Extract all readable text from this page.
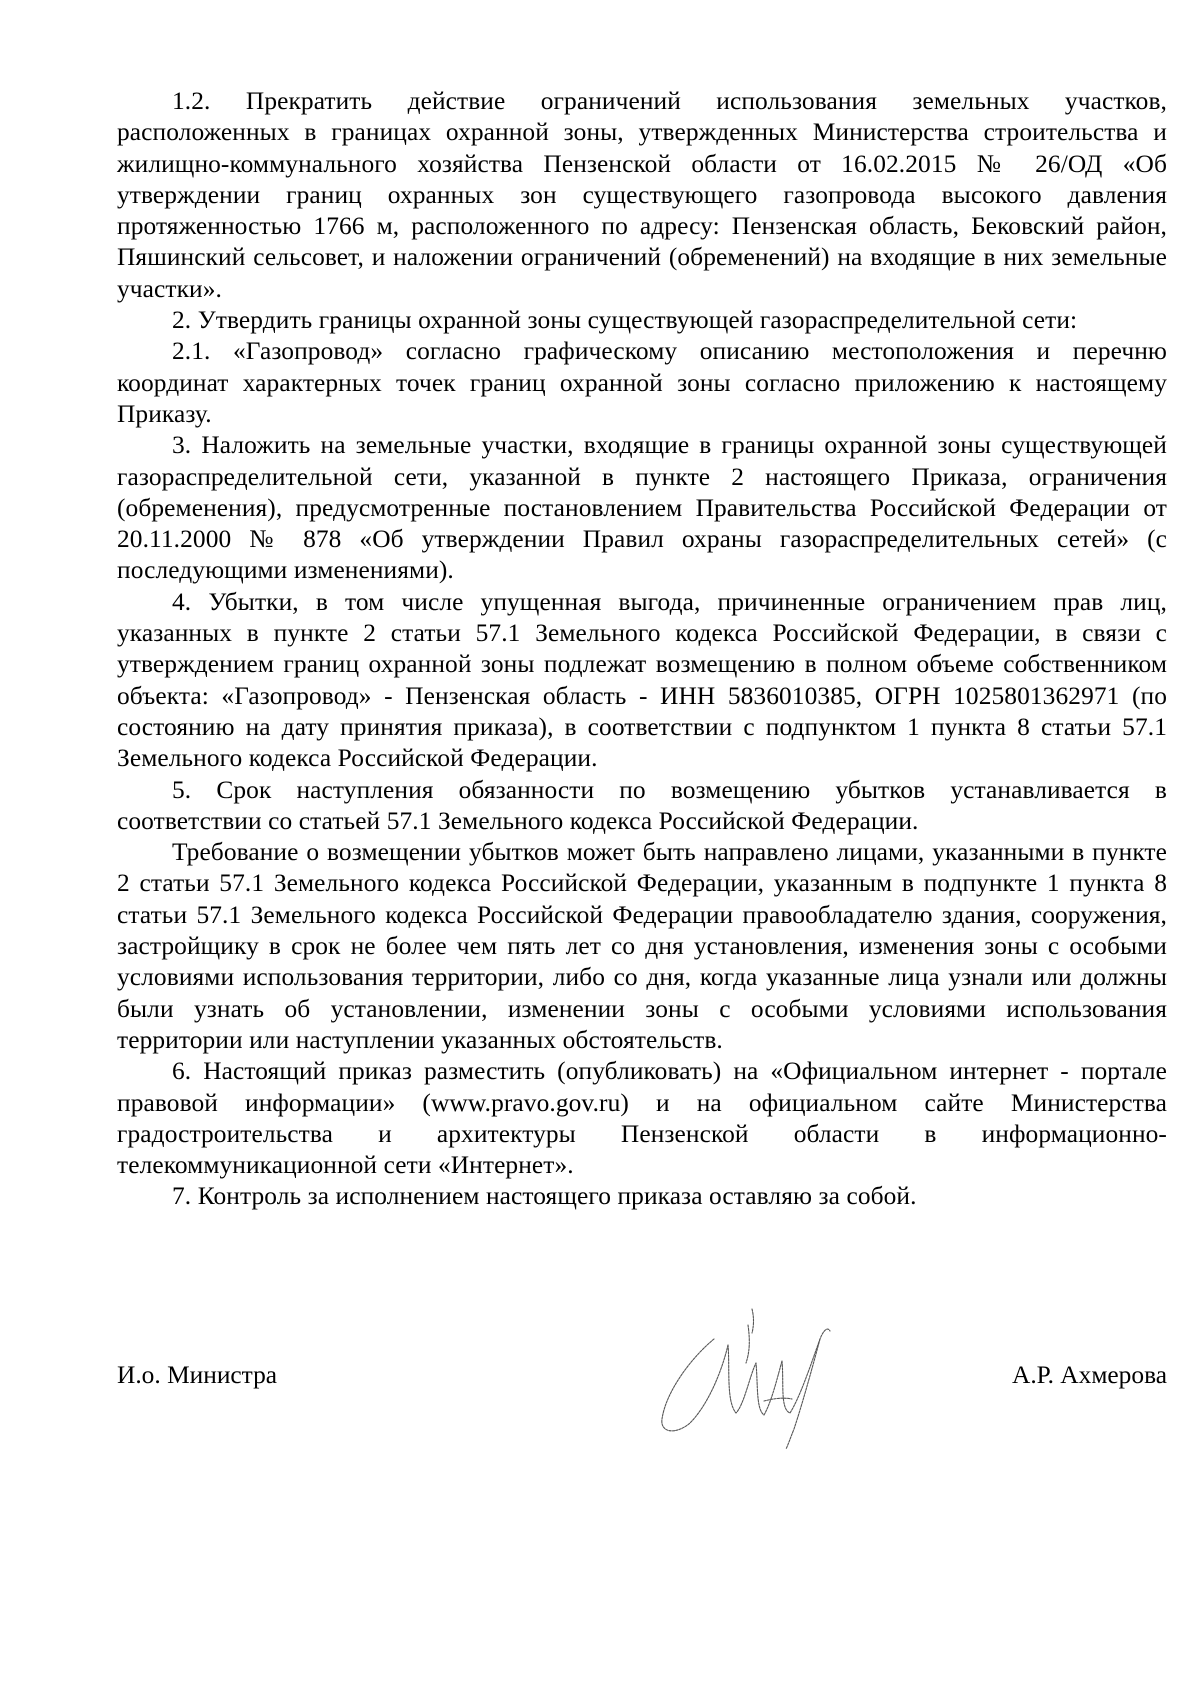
1.2. Прекратить действие ограничений использования земельных участков, расположенных в границах охранной зоны, утвержденных Министерства строительства и жилищно-коммунального хозяйства Пензенской области от 16.02.2015 № 26/ОД «Об утверждении границ охранных зон существующего газопровода высокого давления протяженностью 1766 м, расположенного по адресу: Пензенская область, Бековский район, Пяшинский сельсовет, и наложении ограничений (обременений) на входящие в них земельные участки».

2. Утвердить границы охранной зоны существующей газораспределительной сети:

2.1. «Газопровод» согласно графическому описанию местоположения и перечню координат характерных точек границ охранной зоны согласно приложению к настоящему Приказу.

3. Наложить на земельные участки, входящие в границы охранной зоны существующей газораспределительной сети, указанной в пункте 2 настоящего Приказа, ограничения (обременения), предусмотренные постановлением Правительства Российской Федерации от 20.11.2000 № 878 «Об утверждении Правил охраны газораспределительных сетей» (с последующими изменениями).

4. Убытки, в том числе упущенная выгода, причиненные ограничением прав лиц, указанных в пункте 2 статьи 57.1 Земельного кодекса Российской Федерации, в связи с утверждением границ охранной зоны подлежат возмещению в полном объеме собственником объекта: «Газопровод» - Пензенская область - ИНН 5836010385, ОГРН 1025801362971 (по состоянию на дату принятия приказа), в соответствии с подпунктом 1 пункта 8 статьи 57.1 Земельного кодекса Российской Федерации.

5. Срок наступления обязанности по возмещению убытков устанавливается в соответствии со статьей 57.1 Земельного кодекса Российской Федерации.

Требование о возмещении убытков может быть направлено лицами, указанными в пункте 2 статьи 57.1 Земельного кодекса Российской Федерации, указанным в подпункте 1 пункта 8 статьи 57.1 Земельного кодекса Российской Федерации правообладателю здания, сооружения, застройщику в срок не более чем пять лет со дня установления, изменения зоны с особыми условиями использования территории, либо со дня, когда указанные лица узнали или должны были узнать об установлении, изменении зоны с особыми условиями использования территории или наступлении указанных обстоятельств.

6. Настоящий приказ разместить (опубликовать) на «Официальном интернет - портале правовой информации» (www.pravo.gov.ru) и на официальном сайте Министерства градостроительства и архитектуры Пензенской области в информационно-телекоммуникационной сети «Интернет».

7. Контроль за исполнением настоящего приказа оставляю за собой.

И.о. Министра	А.Р. Ахмерова
